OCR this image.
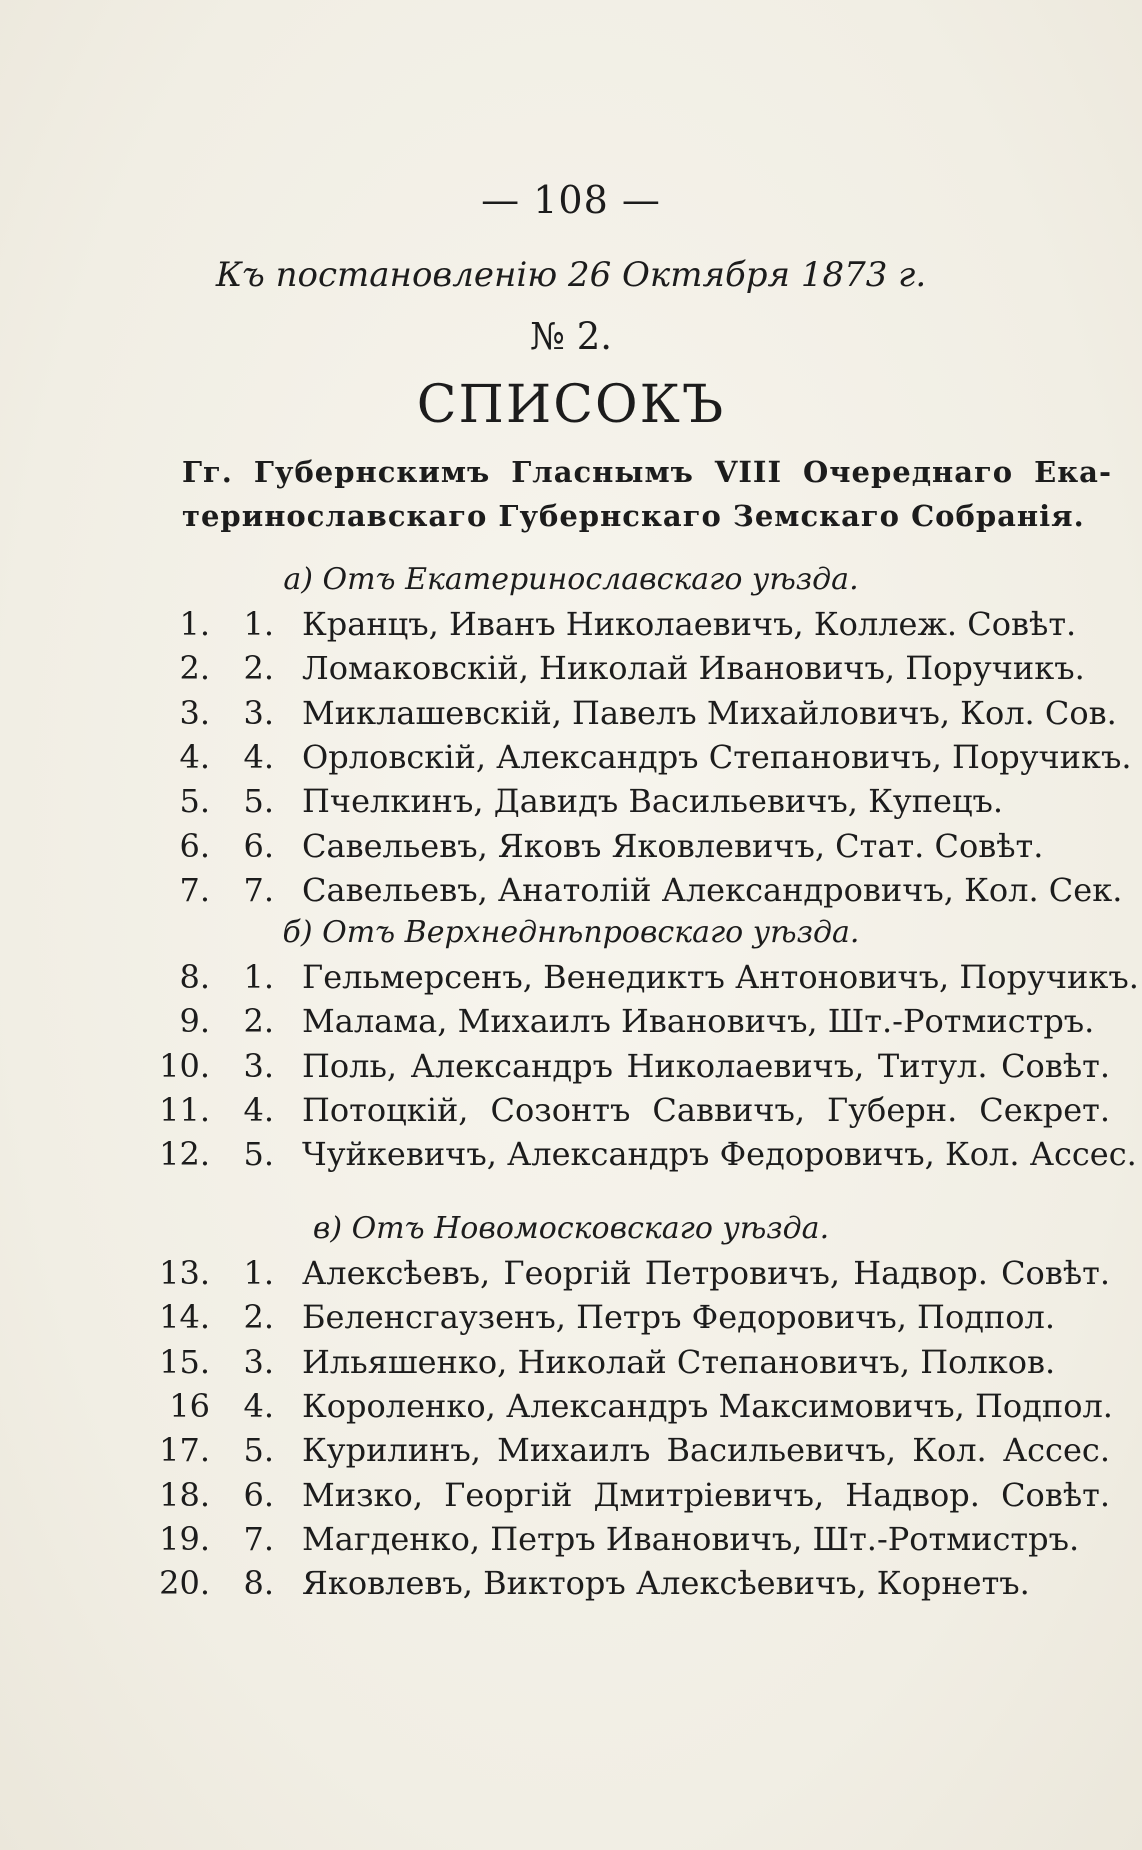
— 108 —
Къ постановленію 26 Октября 1873 г.
№ 2.
СПИСОКЪ
Гг. Губернскимъ Гласнымъ VIII Очереднаго Ека-
теринославскаго Губернскаго Земскаго Собранія.
а) Отъ Екатеринославскаго уѣзда.
1. 1. Кранцъ, Иванъ Николаевичъ, Коллеж. Совѣт.
2. 2. Ломаковскій, Николай Ивановичъ, Поручикъ.
3. 3. Миклашевскій, Павелъ Михайловичъ, Кол. Сов.
4. 4. Орловскій, Александръ Степановичъ, Поручикъ.
5. 5. Пчелкинъ, Давидъ Васильевичъ, Купецъ.
6. 6. Савельевъ, Яковъ Яковлевичъ, Стат. Совѣт.
7. 7. Савельевъ, Анатолій Александровичъ, Кол. Сек.
б) Отъ Верхнеднѣпровскаго уѣзда.
8. 1. Гельмерсенъ, Венедиктъ Антоновичъ, Поручикъ.
9. 2. Малама, Михаилъ Ивановичъ, Шт.-Ротмистръ.
10. 3. Поль, Александръ Николаевичъ, Титул. Совѣт.
11. 4. Потоцкій, Созонтъ Саввичъ, Губерн. Секрет.
12. 5. Чуйкевичъ, Александръ Федоровичъ, Кол. Ассес.
в) Отъ Новомосковскаго уѣзда.
13. 1. Алексѣевъ, Георгій Петровичъ, Надвор. Совѣт.
14. 2. Беленсгаузенъ, Петръ Федоровичъ, Подпол.
15. 3. Ильяшенко, Николай Степановичъ, Полков.
16 4. Короленко, Александръ Максимовичъ, Подпол.
17. 5. Курилинъ, Михаилъ Васильевичъ, Кол. Ассес.
18. 6. Мизко, Георгій Дмитріевичъ, Надвор. Совѣт.
19. 7. Магденко, Петръ Ивановичъ, Шт.-Ротмистръ.
20. 8. Яковлевъ, Викторъ Алексѣевичъ, Корнетъ.
